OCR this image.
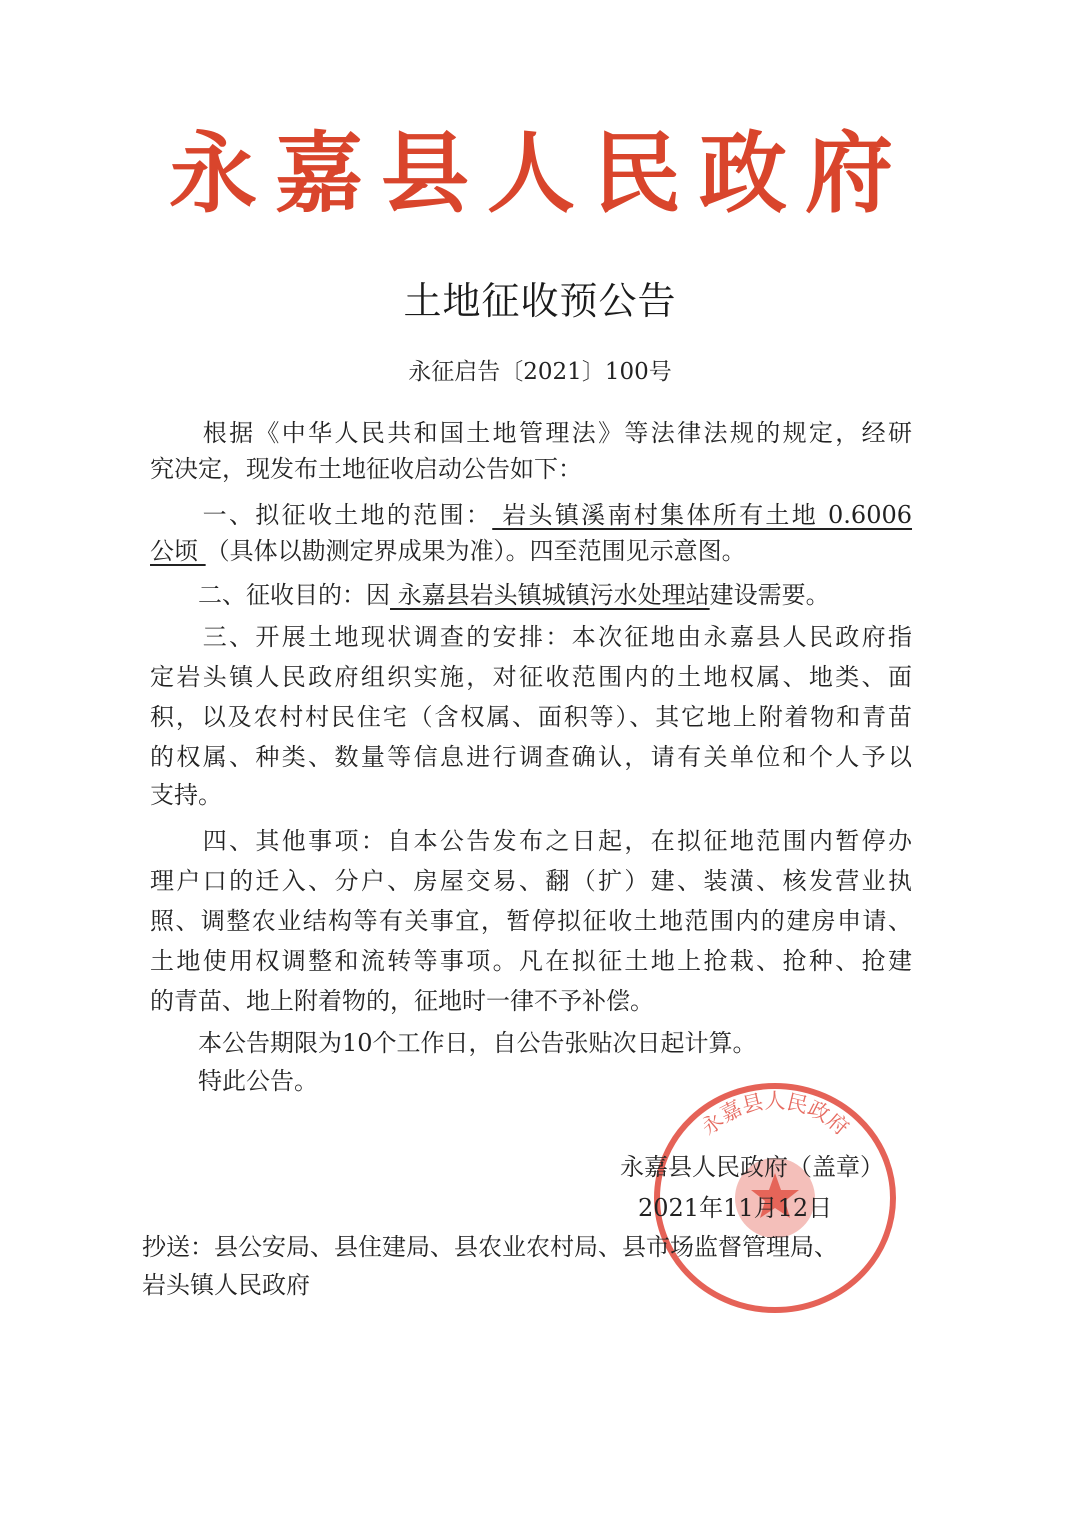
永嘉县人民政府
土地征收预公告
永征启告〔2021〕100号
　　根据《中华人民共和国土地管理法》等法律法规的规定，经研
究决定，现发布土地征收启动公告如下：
　　一、拟征收土地的范围： 岩头镇溪南村集体所有土地 0.6006
公顷 （具体以勘测定界成果为准）。四至范围见示意图。
　　二、征收目的：因 永嘉县岩头镇城镇污水处理站建设需要。
　　三、开展土地现状调查的安排：本次征地由永嘉县人民政府指
定岩头镇人民政府组织实施，对征收范围内的土地权属、地类、面
积，以及农村村民住宅（含权属、面积等）、其它地上附着物和青苗
的权属、种类、数量等信息进行调查确认，请有关单位和个人予以
支持。
　　四、其他事项：自本公告发布之日起，在拟征地范围内暂停办
理户口的迁入、分户、房屋交易、翻（扩）建、装潢、核发营业执
照、调整农业结构等有关事宜，暂停拟征收土地范围内的建房申请、
土地使用权调整和流转等事项。凡在拟征土地上抢栽、抢种、抢建
的青苗、地上附着物的，征地时一律不予补偿。
　　本公告期限为10个工作日，自公告张贴次日起计算。
　　特此公告。
永嘉县人民政府
永嘉县人民政府（盖章）
2021年11月12日
抄送：县公安局、县住建局、县农业农村局、县市场监督管理局、
岩头镇人民政府
